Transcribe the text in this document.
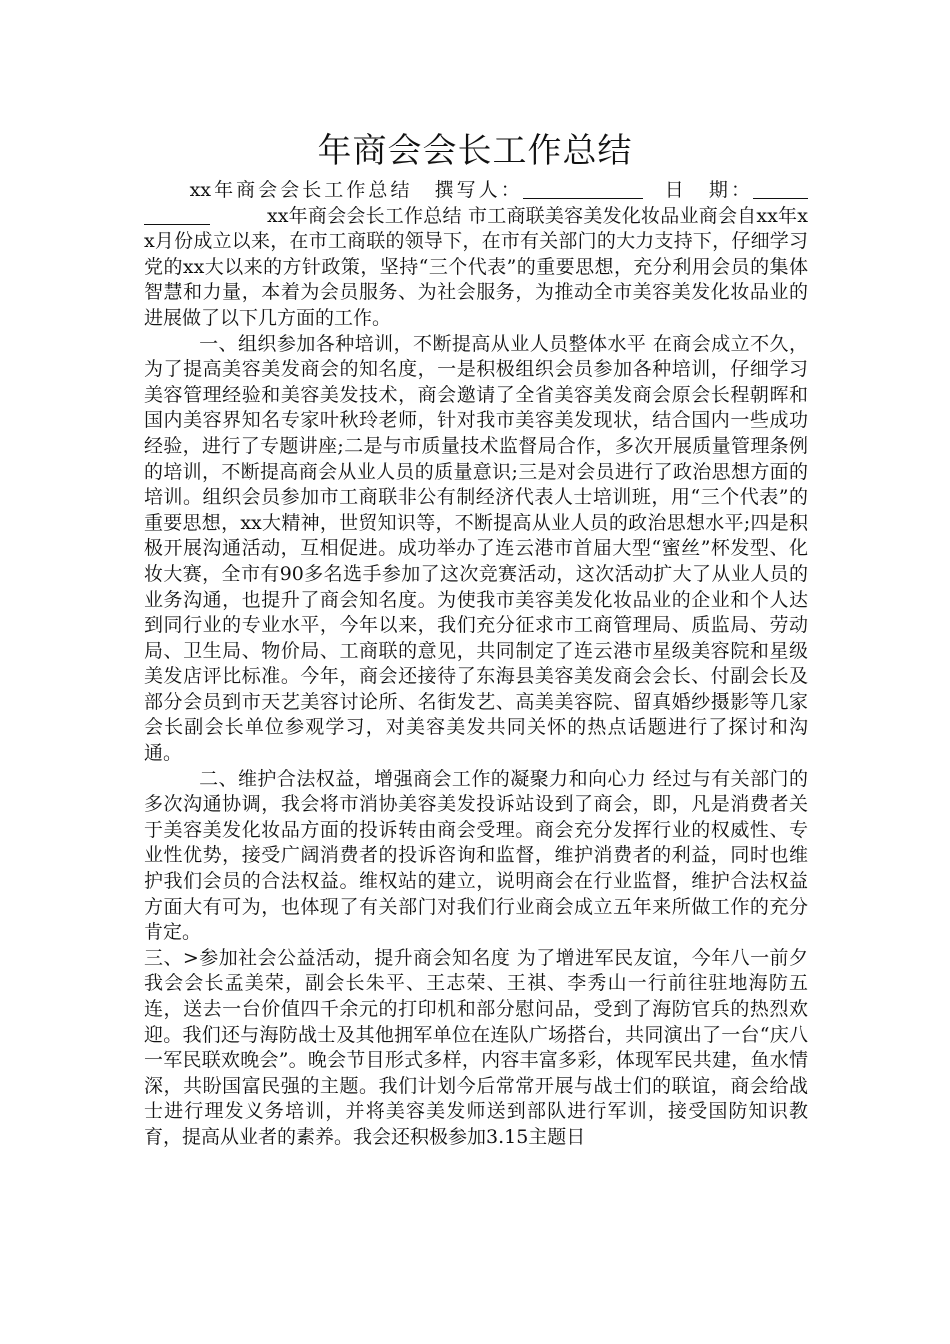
年商会会长工作总结

xx年商会会长工作总结 撰写人：	日　期：xx年商会会长工作总结 市工商联美容美发化妆品业商会自xx年xx月份成立以来，在市工商联的领导下，在市有关部门的大力支持下，仔细学习党的xx大以来的方针政策，坚持“三个代表”的重要思想，充分利用会员的集体智慧和力量，本着为会员服务、为社会服务，为推动全市美容美发化妆品业的进展做了以下几方面的工作。

一、组织参加各种培训，不断提高从业人员整体水平 在商会成立不久，为了提高美容美发商会的知名度，一是积极组织会员参加各种培训，仔细学习美容管理经验和美容美发技术，商会邀请了全省美容美发商会原会长程朝晖和国内美容界知名专家叶秋玲老师，针对我市美容美发现状，结合国内一些成功经验，进行了专题讲座;二是与市质量技术监督局合作，多次开展质量管理条例的培训，不断提高商会从业人员的质量意识;三是对会员进行了政治思想方面的培训。组织会员参加市工商联非公有制经济代表人士培训班，用“三个代表”的重要思想，xx大精神，世贸知识等，不断提高从业人员的政治思想水平;四是积极开展沟通活动，互相促进。成功举办了连云港市首届大型“蜜丝”杯发型、化妆大赛，全市有90多名选手参加了这次竞赛活动，这次活动扩大了从业人员的业务沟通，也提升了商会知名度。为使我市美容美发化妆品业的企业和个人达到同行业的专业水平，今年以来，我们充分征求市工商管理局、质监局、劳动局、卫生局、物价局、工商联的意见，共同制定了连云港市星级美容院和星级美发店评比标准。今年，商会还接待了东海县美容美发商会会长、付副会长及部分会员到市天艺美容讨论所、名街发艺、高美美容院、留真婚纱摄影等几家会长副会长单位参观学习，对美容美发共同关怀的热点话题进行了探讨和沟通。

二、维护合法权益，增强商会工作的凝聚力和向心力 经过与有关部门的多次沟通协调，我会将市消协美容美发投诉站设到了商会，即，凡是消费者关于美容美发化妆品方面的投诉转由商会受理。商会充分发挥行业的权威性、专业性优势，接受广阔消费者的投诉咨询和监督，维护消费者的利益，同时也维护我们会员的合法权益。维权站的建立，说明商会在行业监督，维护合法权益方面大有可为，也体现了有关部门对我们行业商会成立五年来所做工作的充分肯定。

三、>参加社会公益活动，提升商会知名度 为了增进军民友谊，今年八一前夕我会会长孟美荣，副会长朱平、王志荣、王祺、李秀山一行前往驻地海防五连，送去一台价值四千余元的打印机和部分慰问品，受到了海防官兵的热烈欢迎。我们还与海防战士及其他拥军单位在连队广场搭台，共同演出了一台“庆八一军民联欢晚会”。晚会节目形式多样，内容丰富多彩，体现军民共建，鱼水情深，共盼国富民强的主题。我们计划今后常常开展与战士们的联谊，商会给战士进行理发义务培训，并将美容美发师送到部队进行军训，接受国防知识教育，提高从业者的素养。我会还积极参加3.15主题日
